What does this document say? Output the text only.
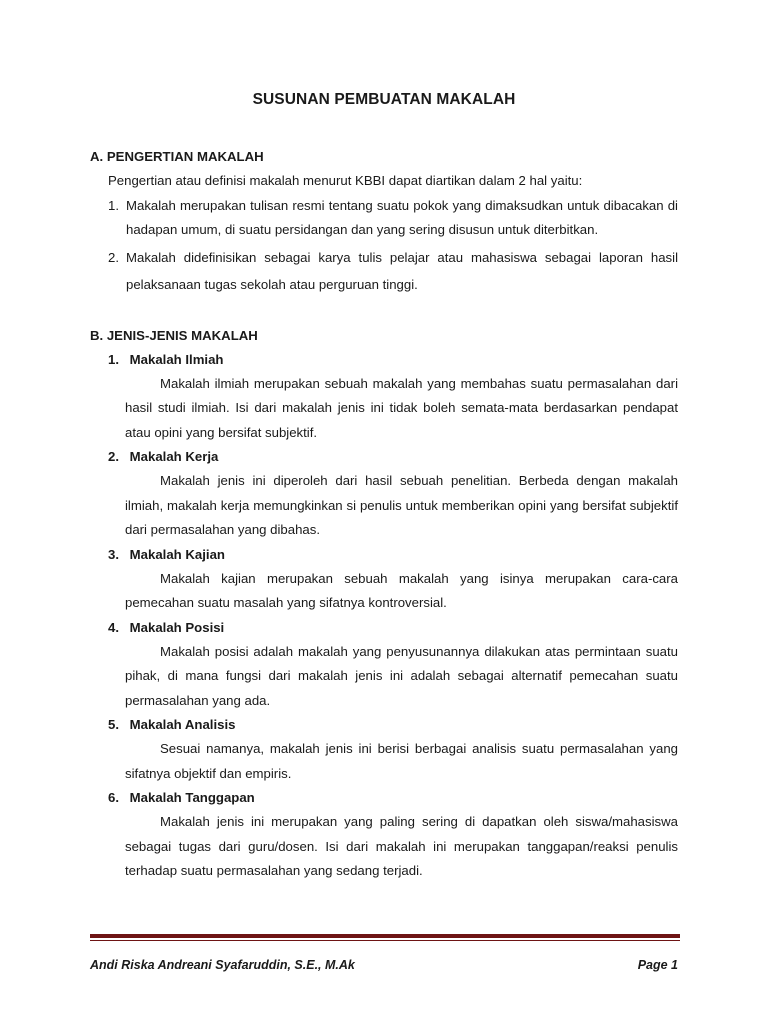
SUSUNAN PEMBUATAN MAKALAH
A. PENGERTIAN MAKALAH
Pengertian atau definisi makalah menurut KBBI dapat diartikan dalam 2 hal yaitu:
1. Makalah merupakan tulisan resmi tentang suatu pokok yang dimaksudkan untuk dibacakan di hadapan umum, di suatu persidangan dan yang sering disusun untuk diterbitkan.
2. Makalah didefinisikan sebagai karya tulis pelajar atau mahasiswa sebagai laporan hasil pelaksanaan tugas sekolah atau perguruan tinggi.
B. JENIS-JENIS MAKALAH
1. Makalah Ilmiah
Makalah ilmiah merupakan sebuah makalah yang membahas suatu permasalahan dari hasil studi ilmiah. Isi dari makalah jenis ini tidak boleh semata-mata berdasarkan pendapat atau opini yang bersifat subjektif.
2. Makalah Kerja
Makalah jenis ini diperoleh dari hasil sebuah penelitian. Berbeda dengan makalah ilmiah, makalah kerja memungkinkan si penulis untuk memberikan opini yang bersifat subjektif dari permasalahan yang dibahas.
3. Makalah Kajian
Makalah kajian merupakan sebuah makalah yang isinya merupakan cara-cara pemecahan suatu masalah yang sifatnya kontroversial.
4. Makalah Posisi
Makalah posisi adalah makalah yang penyusunannya dilakukan atas permintaan suatu pihak, di mana fungsi dari makalah jenis ini adalah sebagai alternatif pemecahan suatu permasalahan yang ada.
5. Makalah Analisis
Sesuai namanya, makalah jenis ini berisi berbagai analisis suatu permasalahan yang sifatnya objektif dan empiris.
6. Makalah Tanggapan
Makalah jenis ini merupakan yang paling sering di dapatkan oleh siswa/mahasiswa sebagai tugas dari guru/dosen. Isi dari makalah ini merupakan tanggapan/reaksi penulis terhadap suatu permasalahan yang sedang terjadi.
Andi Riska Andreani Syafaruddin, S.E., M.Ak	Page 1
